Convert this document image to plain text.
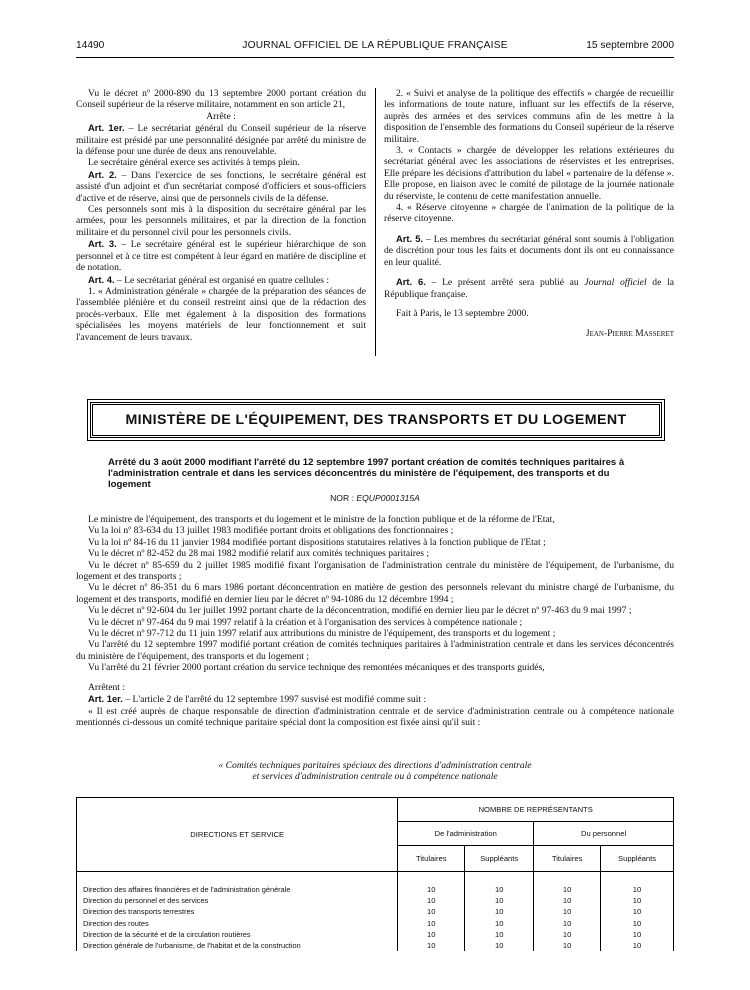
14490	JOURNAL OFFICIEL DE LA RÉPUBLIQUE FRANÇAISE	15 septembre 2000

Vu le décret nº 2000-890 du 13 septembre 2000 portant création du Conseil supérieur de la réserve militaire, notamment en son article 21,

Arrête :

Art. 1er. – Le secrétariat général du Conseil supérieur de la réserve militaire est présidé par une personnalité désignée par arrêté du ministre de la défense pour une durée de deux ans renouvelable.

Le secrétaire général exerce ses activités à temps plein.

Art. 2. – Dans l'exercice de ses fonctions, le secrétaire général est assisté d'un adjoint et d'un secrétariat composé d'officiers et sous-officiers d'active et de réserve, ainsi que de personnels civils de la défense.

Ces personnels sont mis à la disposition du secrétaire général par les armées, pour les personnels militaires, et par la direction de la fonction militaire et du personnel civil pour les personnels civils.

Art. 3. – Le secrétaire général est le supérieur hiérarchique de son personnel et à ce titre est compétent à leur égard en matière de discipline et de notation.

Art. 4. – Le secrétariat général est organisé en quatre cellules :

1. « Administration générale » chargée de la préparation des séances de l'assemblée plénière et du conseil restreint ainsi que de la rédaction des procès-verbaux. Elle met également à la disposition des formations spécialisées les moyens matériels de leur fonctionnement et suit l'avancement de leurs travaux.

2. « Suivi et analyse de la politique des effectifs » chargée de recueillir les informations de toute nature, influant sur les effectifs de la réserve, auprès des armées et des services communs afin de les mettre à la disposition de l'ensemble des formations du Conseil supérieur de la réserve militaire.

3. « Contacts » chargée de développer les relations extérieures du secrétariat général avec les associations de réservistes et les entreprises. Elle prépare les décisions d'attribution du label « partenaire de la défense ». Elle propose, en liaison avec le comité de pilotage de la journée nationale du réserviste, le contenu de cette manifestation annuelle.

4. « Réserve citoyenne » chargée de l'animation de la politique de la réserve citoyenne.

Art. 5. – Les membres du secrétariat général sont soumis à l'obligation de discrétion pour tous les faits et documents dont ils ont eu connaissance en leur qualité.

Art. 6. – Le présent arrêté sera publié au Journal officiel de la République française.

Fait à Paris, le 13 septembre 2000.

Jean-Pierre Masseret

MINISTÈRE DE L'ÉQUIPEMENT, DES TRANSPORTS ET DU LOGEMENT
Arrêté du 3 août 2000 modifiant l'arrêté du 12 septembre 1997 portant création de comités techniques paritaires à l'administration centrale et dans les services déconcentrés du ministère de l'équipement, des transports et du logement
NOR : EQUP0001315A

Le ministre de l'équipement, des transports et du logement et le ministre de la fonction publique et de la réforme de l'Etat,

Vu la loi nº 83-634 du 13 juillet 1983 modifiée portant droits et obligations des fonctionnaires ;

Vu la loi nº 84-16 du 11 janvier 1984 modifiée portant dispositions statutaires relatives à la fonction publique de l'Etat ;

Vu le décret nº 82-452 du 28 mai 1982 modifié relatif aux comités techniques paritaires ;

Vu le décret nº 85-659 du 2 juillet 1985 modifié fixant l'organisation de l'administration centrale du ministère de l'équipement, de l'urbanisme, du logement et des transports ;

Vu le décret nº 86-351 du 6 mars 1986 portant déconcentration en matière de gestion des personnels relevant du ministre chargé de l'urbanisme, du logement et des transports, modifié en dernier lieu par le décret nº 94-1086 du 12 décembre 1994 ;

Vu le décret nº 92-604 du 1er juillet 1992 portant charte de la déconcentration, modifié en dernier lieu par le décret nº 97-463 du 9 mai 1997 ;

Vu le décret nº 97-464 du 9 mai 1997 relatif à la création et à l'organisation des services à compétence nationale ;

Vu le décret nº 97-712 du 11 juin 1997 relatif aux attributions du ministre de l'équipement, des transports et du logement ;

Vu l'arrêté du 12 septembre 1997 modifié portant création de comités techniques paritaires à l'administration centrale et dans les services déconcentrés du ministère de l'équipement, des transports et du logement ;

Vu l'arrêté du 21 février 2000 portant création du service technique des remontées mécaniques et des transports guidés,

Arrêtent :

Art. 1er. – L'article 2 de l'arrêté du 12 septembre 1997 susvisé est modifié comme suit :

« Il est créé auprès de chaque responsable de direction d'administration centrale et de service d'administration centrale ou à compétence nationale mentionnés ci-dessous un comité technique paritaire spécial dont la composition est fixée ainsi qu'il suit :

« Comités techniques paritaires spéciaux des directions d'administration centrale
et services d'administration centrale ou à compétence nationale
DIRECTIONS ET SERVICE	NOMBRE DE REPRÉSENTANTS			
	De l'administration		Du personnel	
	Titulaires	Suppléants	Titulaires	Suppléants
Direction des affaires financières et de l'administration générale	10	10	10	10
Direction du personnel et des services	10	10	10	10
Direction des transports terrestres	10	10	10	10
Direction des routes	10	10	10	10
Direction de la sécurité et de la circulation routières	10	10	10	10
Direction générale de l'urbanisme, de l'habitat et de la construction	10	10	10	10
